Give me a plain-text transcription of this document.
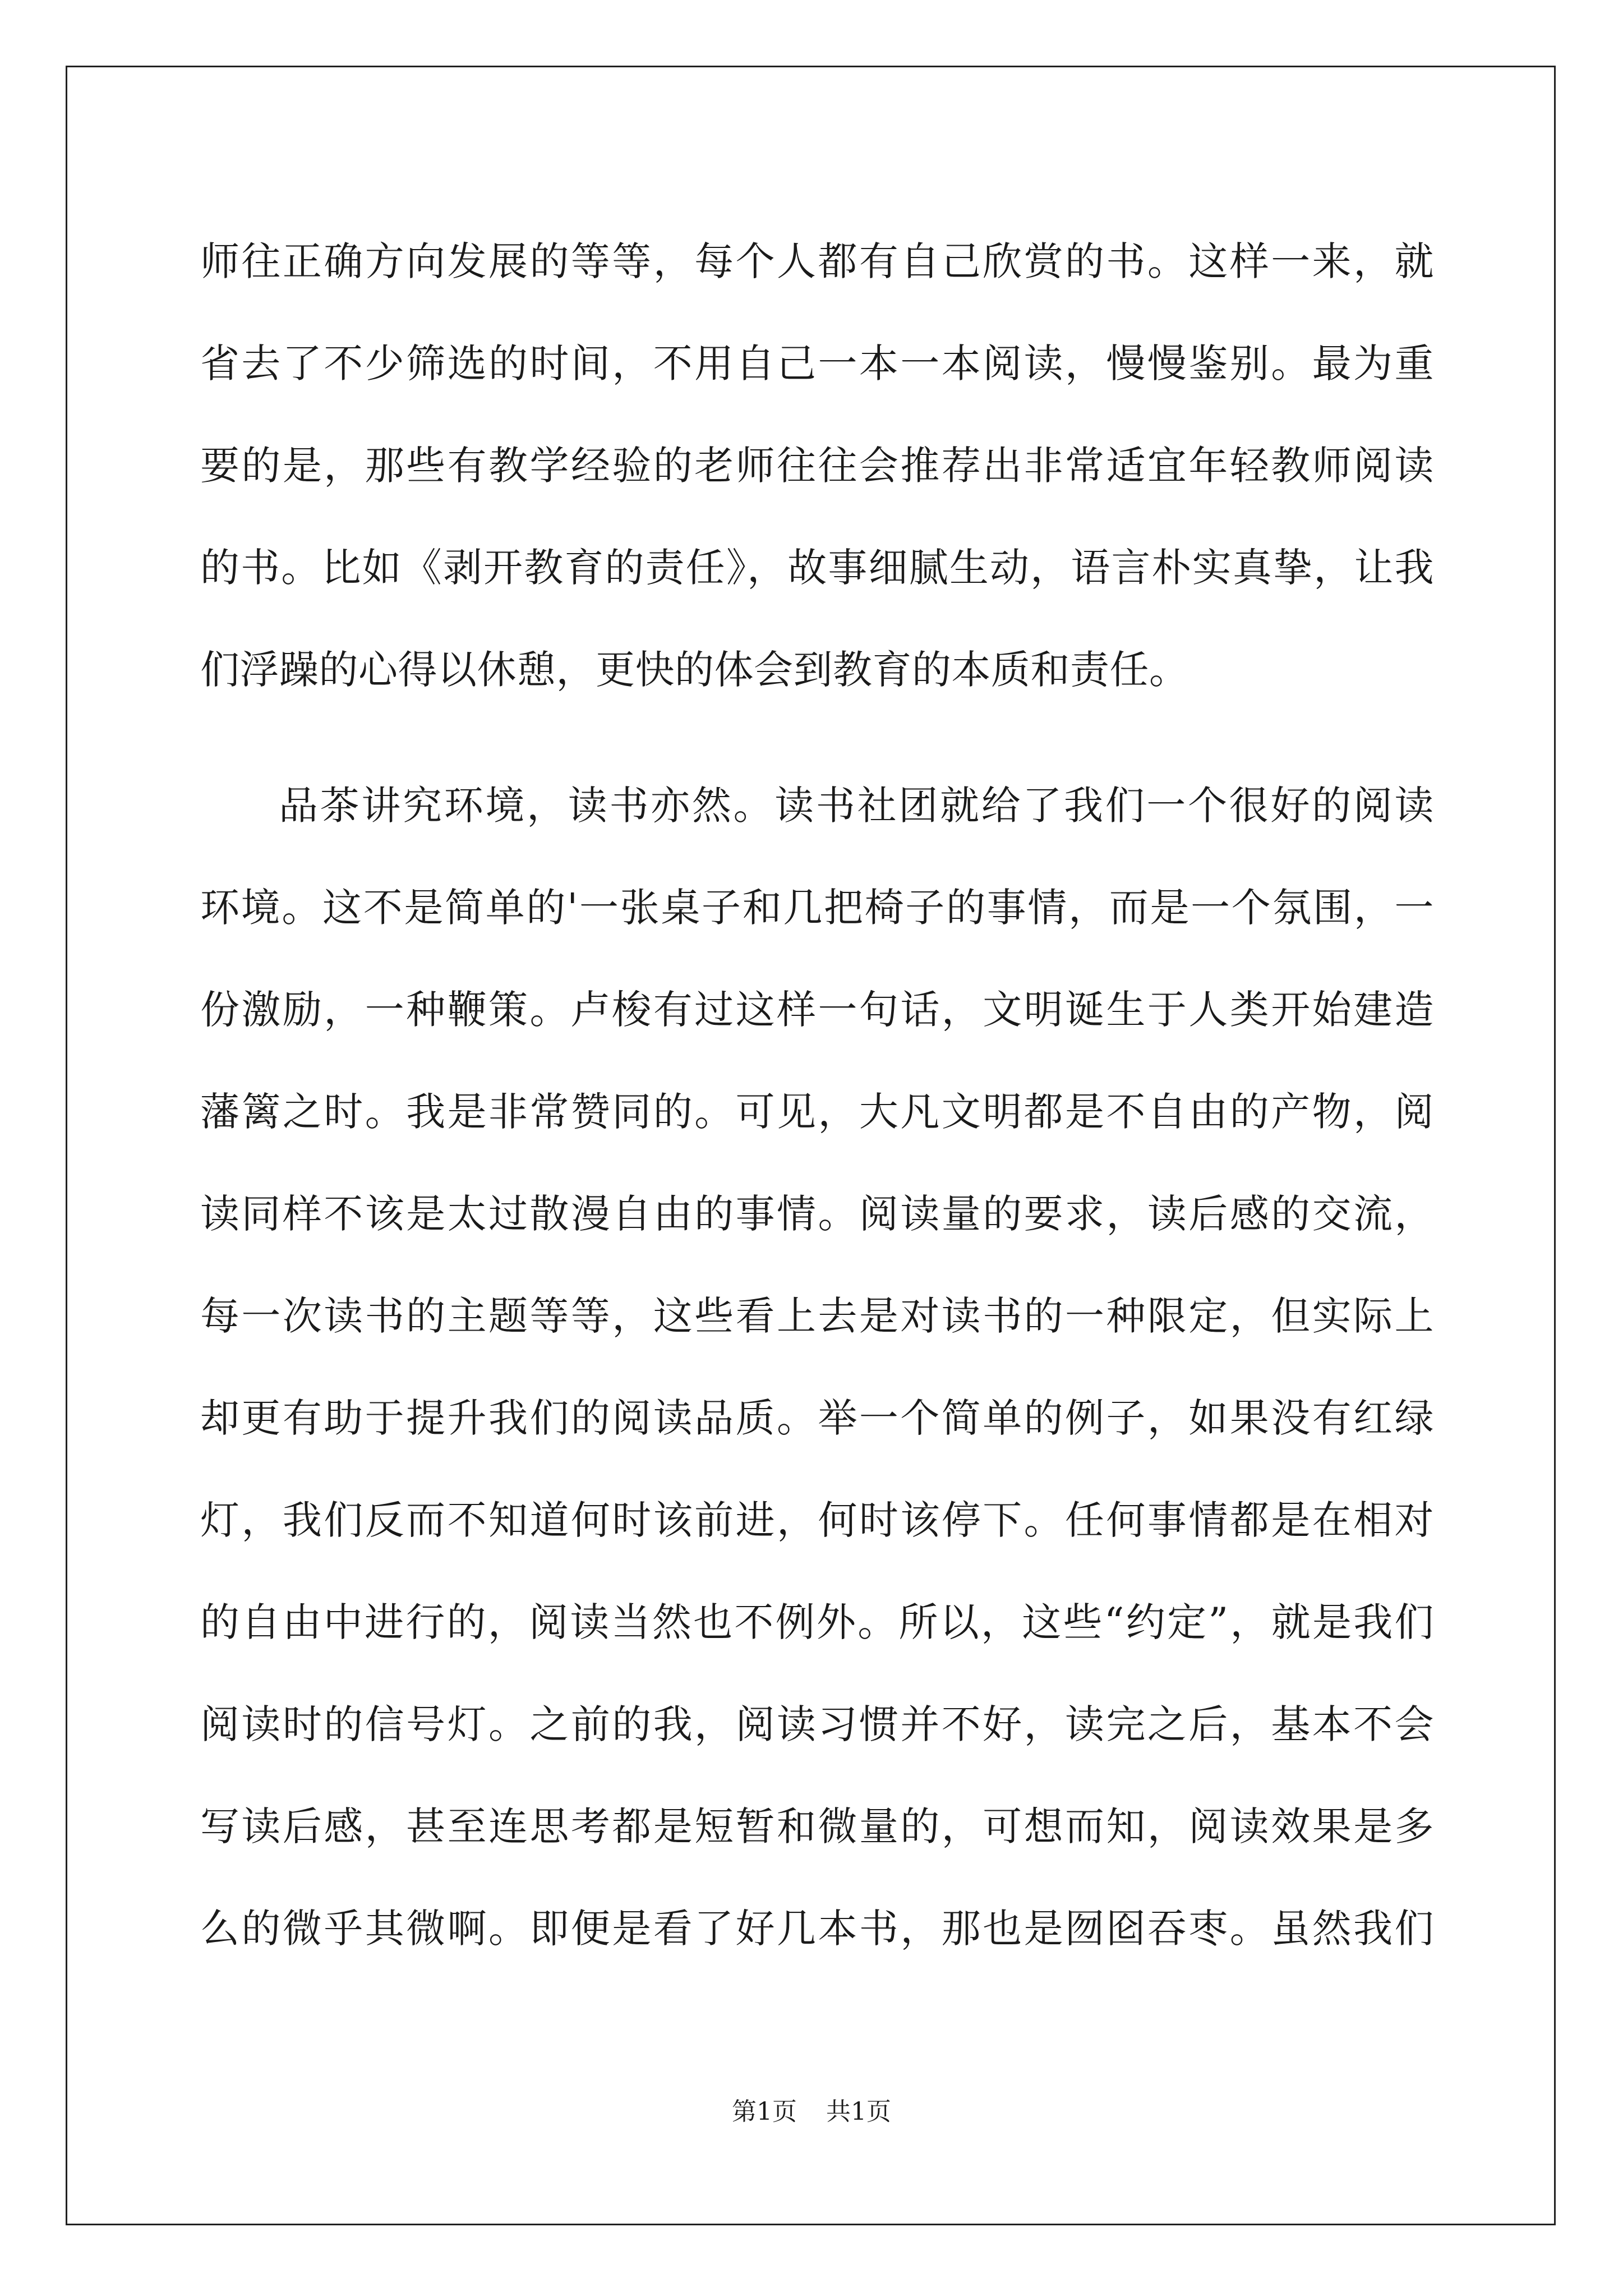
师往正确方向发展的等等，每个人都有自己欣赏的书。这样一来，就
省去了不少筛选的时间，不用自己一本一本阅读，慢慢鉴别。最为重
要的是，那些有教学经验的老师往往会推荐出非常适宜年轻教师阅读
的书。比如《剥开教育的责任》，故事细腻生动，语言朴实真挚，让我
们浮躁的心得以休憩，更快的体会到教育的本质和责任。
品茶讲究环境，读书亦然。读书社团就给了我们一个很好的阅读
环境。这不是简单的'一张桌子和几把椅子的事情，而是一个氛围，一
份激励，一种鞭策。卢梭有过这样一句话，文明诞生于人类开始建造
藩篱之时。我是非常赞同的。可见，大凡文明都是不自由的产物，阅
读同样不该是太过散漫自由的事情。阅读量的要求，读后感的交流，
每一次读书的主题等等，这些看上去是对读书的一种限定，但实际上
却更有助于提升我们的阅读品质。举一个简单的例子，如果没有红绿
灯，我们反而不知道何时该前进，何时该停下。任何事情都是在相对
的自由中进行的，阅读当然也不例外。所以，这些“约定”，就是我们
阅读时的信号灯。之前的我，阅读习惯并不好，读完之后，基本不会
写读后感，甚至连思考都是短暂和微量的，可想而知，阅读效果是多
么的微乎其微啊。即便是看了好几本书，那也是囫囵吞枣。虽然我们
第1页 共1页
